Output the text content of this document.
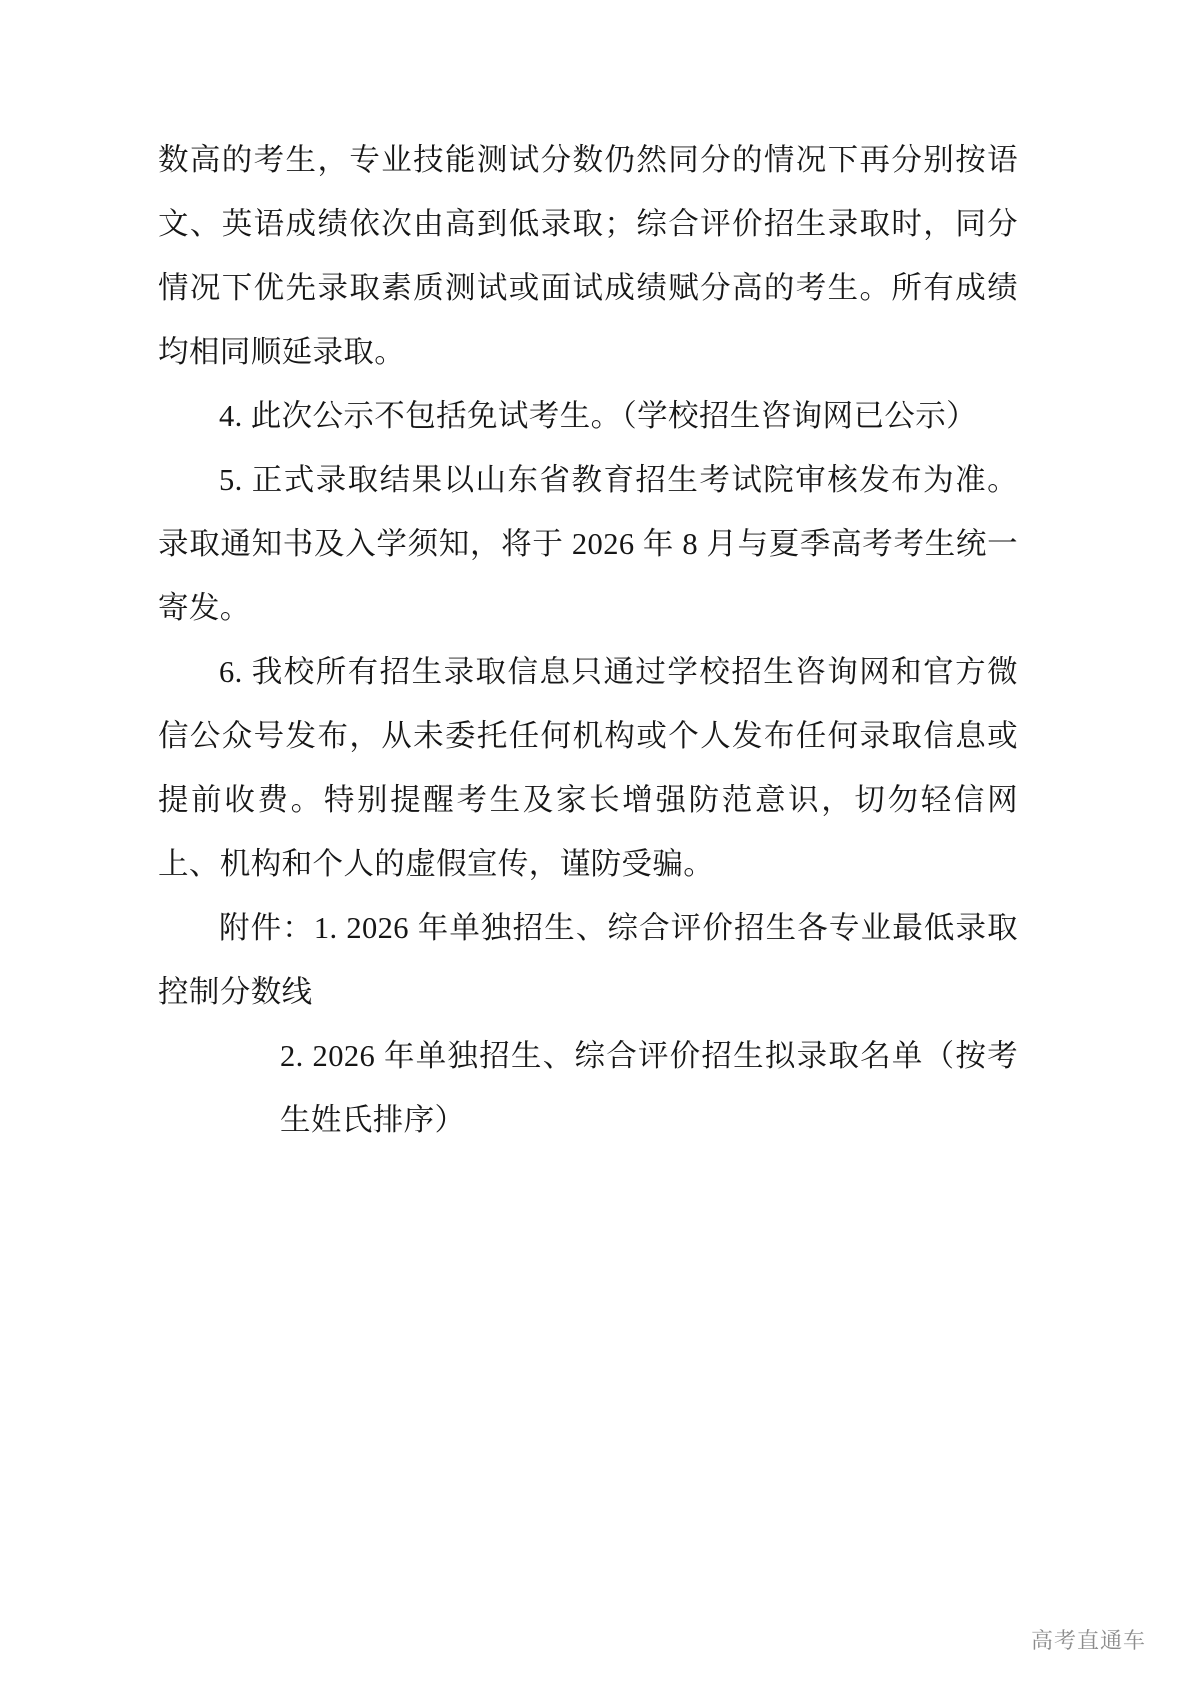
数高的考生，专业技能测试分数仍然同分的情况下再分别按语文、英语成绩依次由高到低录取；综合评价招生录取时，同分情况下优先录取素质测试或面试成绩赋分高的考生。所有成绩均相同顺延录取。

4. 此次公示不包括免试考生。（学校招生咨询网已公示）

5. 正式录取结果以山东省教育招生考试院审核发布为准。录取通知书及入学须知，将于 2026 年 8 月与夏季高考考生统一寄发。

6. 我校所有招生录取信息只通过学校招生咨询网和官方微信公众号发布，从未委托任何机构或个人发布任何录取信息或提前收费。特别提醒考生及家长增强防范意识，切勿轻信网上、机构和个人的虚假宣传，谨防受骗。

附件：1. 2026 年单独招生、综合评价招生各专业最低录取控制分数线

2. 2026 年单独招生、综合评价招生拟录取名单（按考生姓氏排序）

高考直通车
